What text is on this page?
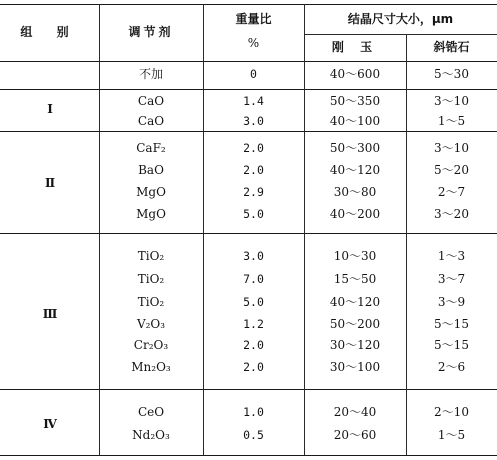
组 别	调节剂
重量比
%
结晶尺寸大小，μm
刚 玉	斜锆石
不加	0	40～600	5～30
I
CaO	1.4	50～350	3～10
CaO	3.0	40～100	1～5
Ⅱ
CaF₂	2.0	50～300	3～10
BaO	2.0	40～120	5～20
MgO	2.9	30～80	2～7
MgO	5.0	40～200	3～20
Ⅲ
TiO₂	3.0	10～30	1～3
TiO₂	7.0	15～50	3～7
TiO₂	5.0	40～120	3～9
V₂O₃	1.2	50～200	5～15
Cr₂O₃	2.0	30～120	5～15
Mn₂O₃	2.0	30～100	2～6
Ⅳ
CeO	1.0	20～40	2～10
Nd₂O₃	0.5	20～60	1～5
